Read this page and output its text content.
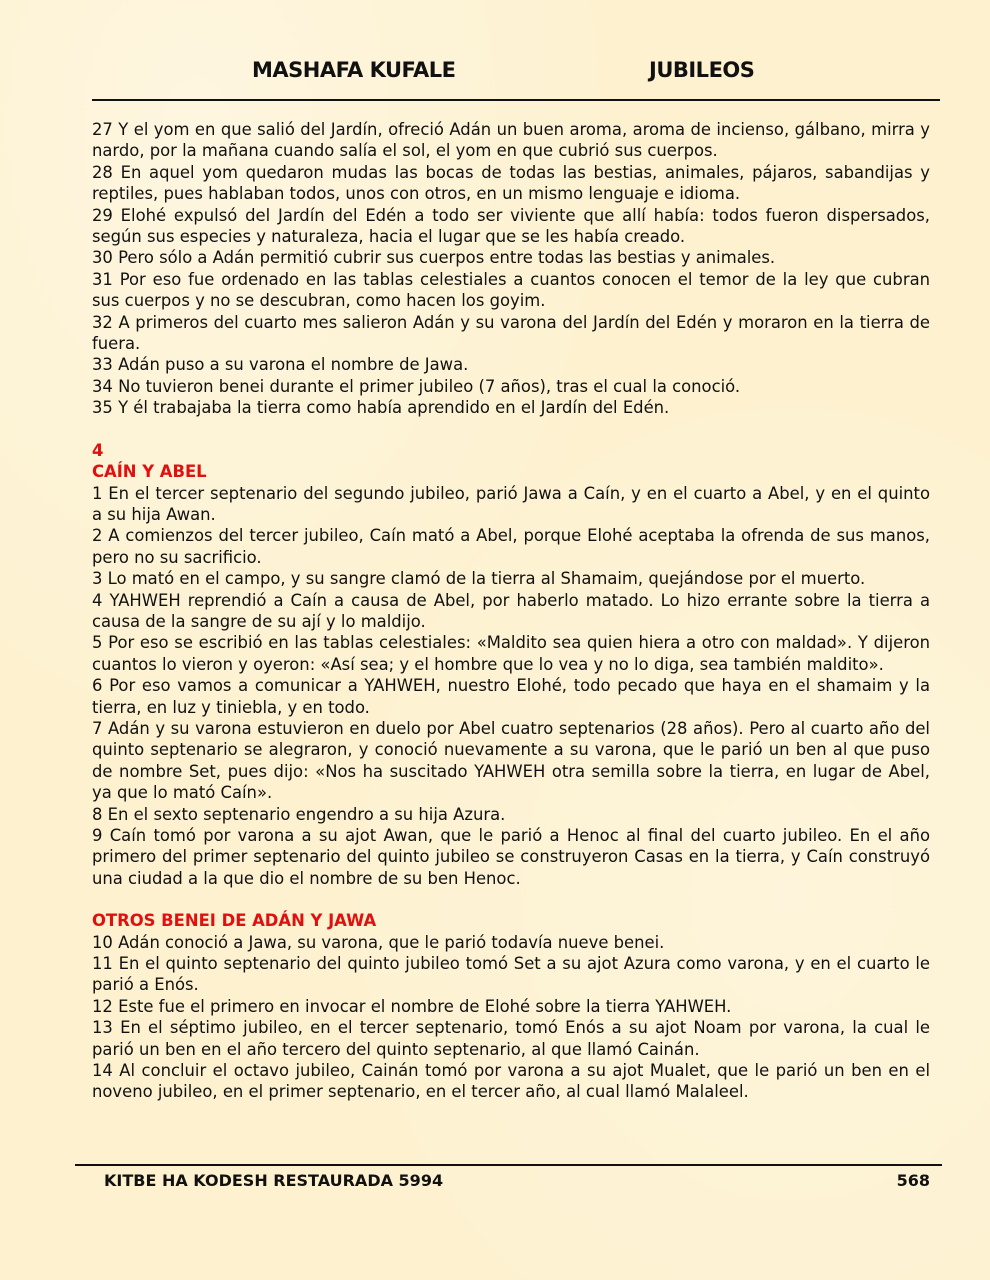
MASHAFA KUFALE	JUBILEOS

27 Y el yom en que salió del Jardín, ofreció Adán un buen aroma, aroma de incienso, gálbano, mirra y nardo, por la mañana cuando salía el sol, el yom en que cubrió sus cuerpos.

28 En aquel yom quedaron mudas las bocas de todas las bestias, animales, pájaros, sabandijas y reptiles, pues hablaban todos, unos con otros, en un mismo lenguaje e idioma.

29 Elohé expulsó del Jardín del Edén a todo ser viviente que allí había: todos fueron dispersados, según sus especies y naturaleza, hacia el lugar que se les había creado.

30 Pero sólo a Adán permitió cubrir sus cuerpos entre todas las bestias y animales.

31 Por eso fue ordenado en las tablas celestiales a cuantos conocen el temor de la ley que cubran sus cuerpos y no se descubran, como hacen los goyim.

32 A primeros del cuarto mes salieron Adán y su varona del Jardín del Edén y moraron en la tierra de fuera.

33 Adán puso a su varona el nombre de Jawa.

34 No tuvieron benei durante el primer jubileo (7 años), tras el cual la conoció.

35 Y él trabajaba la tierra como había aprendido en el Jardín del Edén.

4

CAÍN Y ABEL

1 En el tercer septenario del segundo jubileo, parió Jawa a Caín, y en el cuarto a Abel, y en el quinto a su hija Awan.

2 A comienzos del tercer jubileo, Caín mató a Abel, porque Elohé aceptaba la ofrenda de sus manos, pero no su sacrificio.

3 Lo mató en el campo, y su sangre clamó de la tierra al Shamaim, quejándose por el muerto.

4 YAHWEH reprendió a Caín a causa de Abel, por haberlo matado. Lo hizo errante sobre la tierra a causa de la sangre de su ají y lo maldijo.

5 Por eso se escribió en las tablas celestiales: «Maldito sea quien hiera a otro con maldad». Y dijeron cuantos lo vieron y oyeron: «Así sea; y el hombre que lo vea y no lo diga, sea también maldito».

6 Por eso vamos a comunicar a YAHWEH, nuestro Elohé, todo pecado que haya en el shamaim y la tierra, en luz y tiniebla, y en todo.

7 Adán y su varona estuvieron en duelo por Abel cuatro septenarios (28 años). Pero al cuarto año del quinto septenario se alegraron, y conoció nuevamente a su varona, que le parió un ben al que puso de nombre Set, pues dijo: «Nos ha suscitado YAHWEH otra semilla sobre la tierra, en lugar de Abel, ya que lo mató Caín».

8 En el sexto septenario engendro a su hija Azura.

9 Caín tomó por varona a su ajot Awan, que le parió a Henoc al final del cuarto jubileo. En el año primero del primer septenario del quinto jubileo se construyeron Casas en la tierra, y Caín construyó una ciudad a la que dio el nombre de su ben Henoc.

OTROS BENEI DE ADÁN Y JAWA

10 Adán conoció a Jawa, su varona, que le parió todavía nueve benei.

11 En el quinto septenario del quinto jubileo tomó Set a su ajot Azura como varona, y en el cuarto le parió a Enós.

12 Este fue el primero en invocar el nombre de Elohé sobre la tierra YAHWEH.

13 En el séptimo jubileo, en el tercer septenario, tomó Enós a su ajot Noam por varona, la cual le parió un ben en el año tercero del quinto septenario, al que llamó Cainán.

14 Al concluir el octavo jubileo, Cainán tomó por varona a su ajot Mualet, que le parió un ben en el noveno jubileo, en el primer septenario, en el tercer año, al cual llamó Malaleel.

KITBE HA KODESH RESTAURADA 5994	568
